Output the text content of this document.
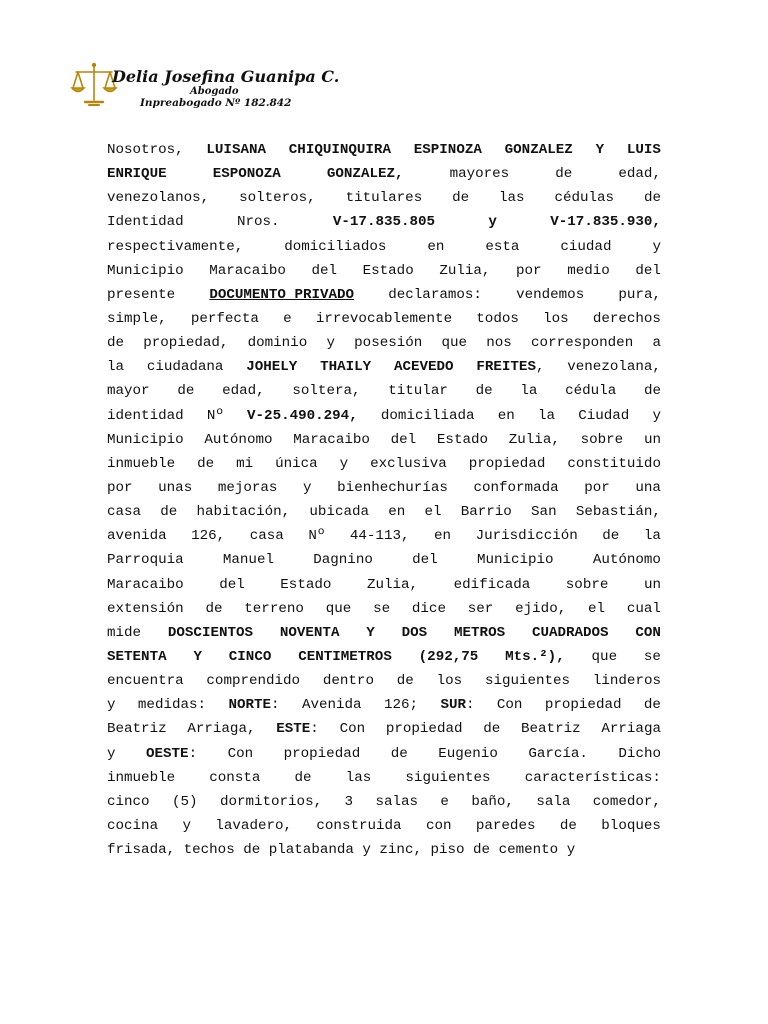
Delia Josefina Guanipa C.
Abogado
Inpreabogado Nº 182.842
Nosotros, LUISANA CHIQUINQUIRA ESPINOZA GONZALEZ Y LUIS
ENRIQUE	ESPONOZA	GONZALEZ,	mayores	de	edad,
venezolanos, solteros, titulares de las cédulas de
Identidad	Nros.	V-17.835.805	y	V-17.835.930,
respectivamente,	domiciliados	en	esta	ciudad	y
Municipio Maracaibo del Estado Zulia, por medio del
presente DOCUMENTO PRIVADO declaramos: vendemos pura,
simple, perfecta e irrevocablemente todos los derechos
de propiedad, dominio y posesión que nos corresponden a
la ciudadana JOHELY THAILY ACEVEDO FREITES, venezolana,
mayor de edad, soltera, titular de la cédula de
identidad Nº V-25.490.294, domiciliada en la Ciudad y
Municipio Autónomo Maracaibo del Estado Zulia, sobre un
inmueble de mi única y exclusiva propiedad constituido
por unas mejoras y bienhechurías conformada por una
casa de habitación, ubicada en el Barrio San Sebastián,
avenida 126, casa Nº 44-113, en Jurisdicción de la
Parroquia	Manuel	Dagnino	del	Municipio	Autónomo
Maracaibo	del	Estado	Zulia,	edificada	sobre	un
extensión de terreno que se dice ser ejido, el cual
mide DOSCIENTOS NOVENTA Y DOS METROS CUADRADOS CON
SETENTA Y CINCO CENTIMETROS (292,75 Mts.²), que se
encuentra comprendido dentro de los siguientes linderos
y medidas: NORTE: Avenida 126; SUR: Con propiedad de
Beatriz Arriaga, ESTE: Con propiedad de Beatriz Arriaga
y OESTE: Con propiedad de Eugenio García. Dicho
inmueble consta de las siguientes características:
cinco (5) dormitorios, 3 salas e baño, sala comedor,
cocina y lavadero, construida con paredes de bloques
frisada, techos de platabanda y zinc, piso de cemento y
